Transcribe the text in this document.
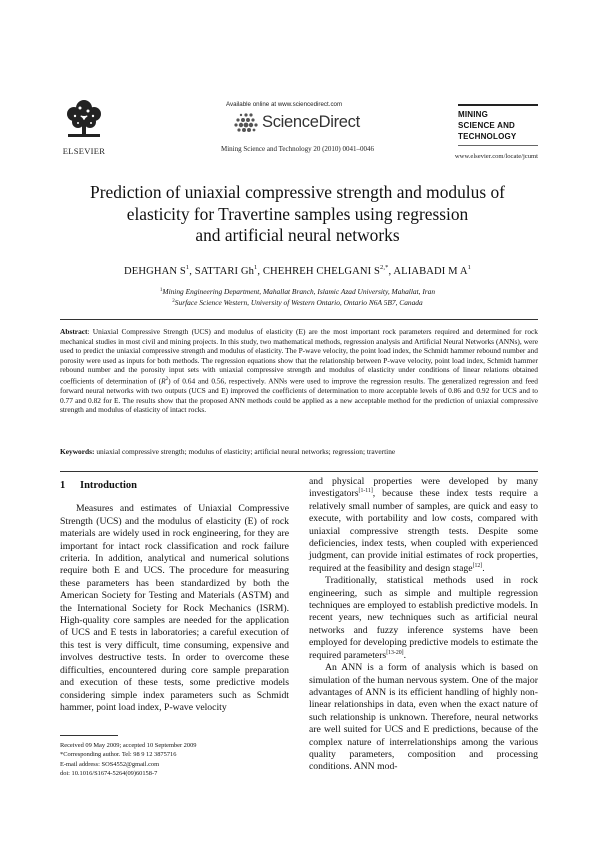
ELSEVIER
Available online at www.sciencedirect.com
ScienceDirect
Mining Science and Technology 20 (2010) 0041–0046
MINING
SCIENCE AND
TECHNOLOGY
www.elsevier.com/locate/jcumt
Prediction of uniaxial compressive strength and modulus of
elasticity for Travertine samples using regression
and artificial neural networks
DEHGHAN $S^1$, SATTARI Gh$^1$, CHEHREH CHELGANI $S^{2,*}$, ALIABADI M $A^1$
$^1$Mining Engineering Department, Mahallat Branch, Islamic Azad University, Mahallat, Iran
$^2$Surface Science Western, University of Western Ontario, Ontario N6A 5B7, Canada
Abstract: Uniaxial Compressive Strength (UCS) and modulus of elasticity (E) are the most important rock parameters required and determined for rock mechanical studies in most civil and mining projects. In this study, two mathematical methods, regression analysis and Artificial Neural Networks (ANNs), were used to predict the uniaxial compressive strength and modulus of elasticity. The P-wave velocity, the point load index, the Schmidt hammer rebound number and porosity were used as inputs for both methods. The regression equations show that the relationship between P-wave velocity, point load index, Schmidt hammer rebound number and the porosity input sets with uniaxial compressive strength and modulus of elasticity under conditions of linear relations obtained coefficients of determination of $(R^2)$ of 0.64 and 0.56, respectively. ANNs were used to improve the regression results. The generalized regression and feed forward neural networks with two outputs (UCS and E) improved the coefficients of determination to more acceptable levels of 0.86 and 0.92 for UCS and to 0.77 and 0.82 for E. The results show that the proposed ANN methods could be applied as a new acceptable method for the prediction of uniaxial compressive strength and modulus of elasticity of intact rocks.
Keywords: uniaxial compressive strength; modulus of elasticity; artificial neural networks; regression; travertine
1 Introduction
Measures and estimates of Uniaxial Compressive Strength (UCS) and the modulus of elasticity (E) of rock materials are widely used in rock engineering, for they are important for intact rock classification and rock failure criteria. In addition, analytical and numerical solutions require both E and UCS. The procedure for measuring these parameters has been standardized by both the American Society for Testing and Materials (ASTM) and the International Society for Rock Mechanics (ISRM). High-quality core samples are needed for the application of UCS and E tests in laboratories; a careful execution of this test is very difficult, time consuming, expensive and involves destructive tests. In order to overcome these difficulties, encountered during core sample preparation and execution of these tests, some predictive models considering simple index parameters such as Schmidt hammer, point load index, P-wave velocity
and physical properties were developed by many investigators[1-11], because these index tests require a relatively small number of samples, are quick and easy to execute, with portability and low costs, compared with uniaxial compressive strength tests. Despite some deficiencies, index tests, when coupled with experienced judgment, can provide initial estimates of rock properties, required at the feasibility and design stage[12].
Traditionally, statistical methods used in rock engineering, such as simple and multiple regression techniques are employed to establish predictive models. In recent years, new techniques such as artificial neural networks and fuzzy inference systems have been employed for developing predictive models to estimate the required parameters[13-20].
An ANN is a form of analysis which is based on simulation of the human nervous system. One of the major advantages of ANN is its efficient handling of highly non-linear relationships in data, even when the exact nature of such relationship is unknown. Therefore, neural networks are well suited for UCS and E predictions, because of the complex nature of interrelationships among the various quality parameters, composition and processing conditions. ANN mod-
Received 09 May 2009; accepted 10 September 2009
*Corresponding author. Tel: 98 9 12 3875716
E-mail address: SOS4552@gmail.com
doi: 10.1016/S1674-5264(09)60158-7
